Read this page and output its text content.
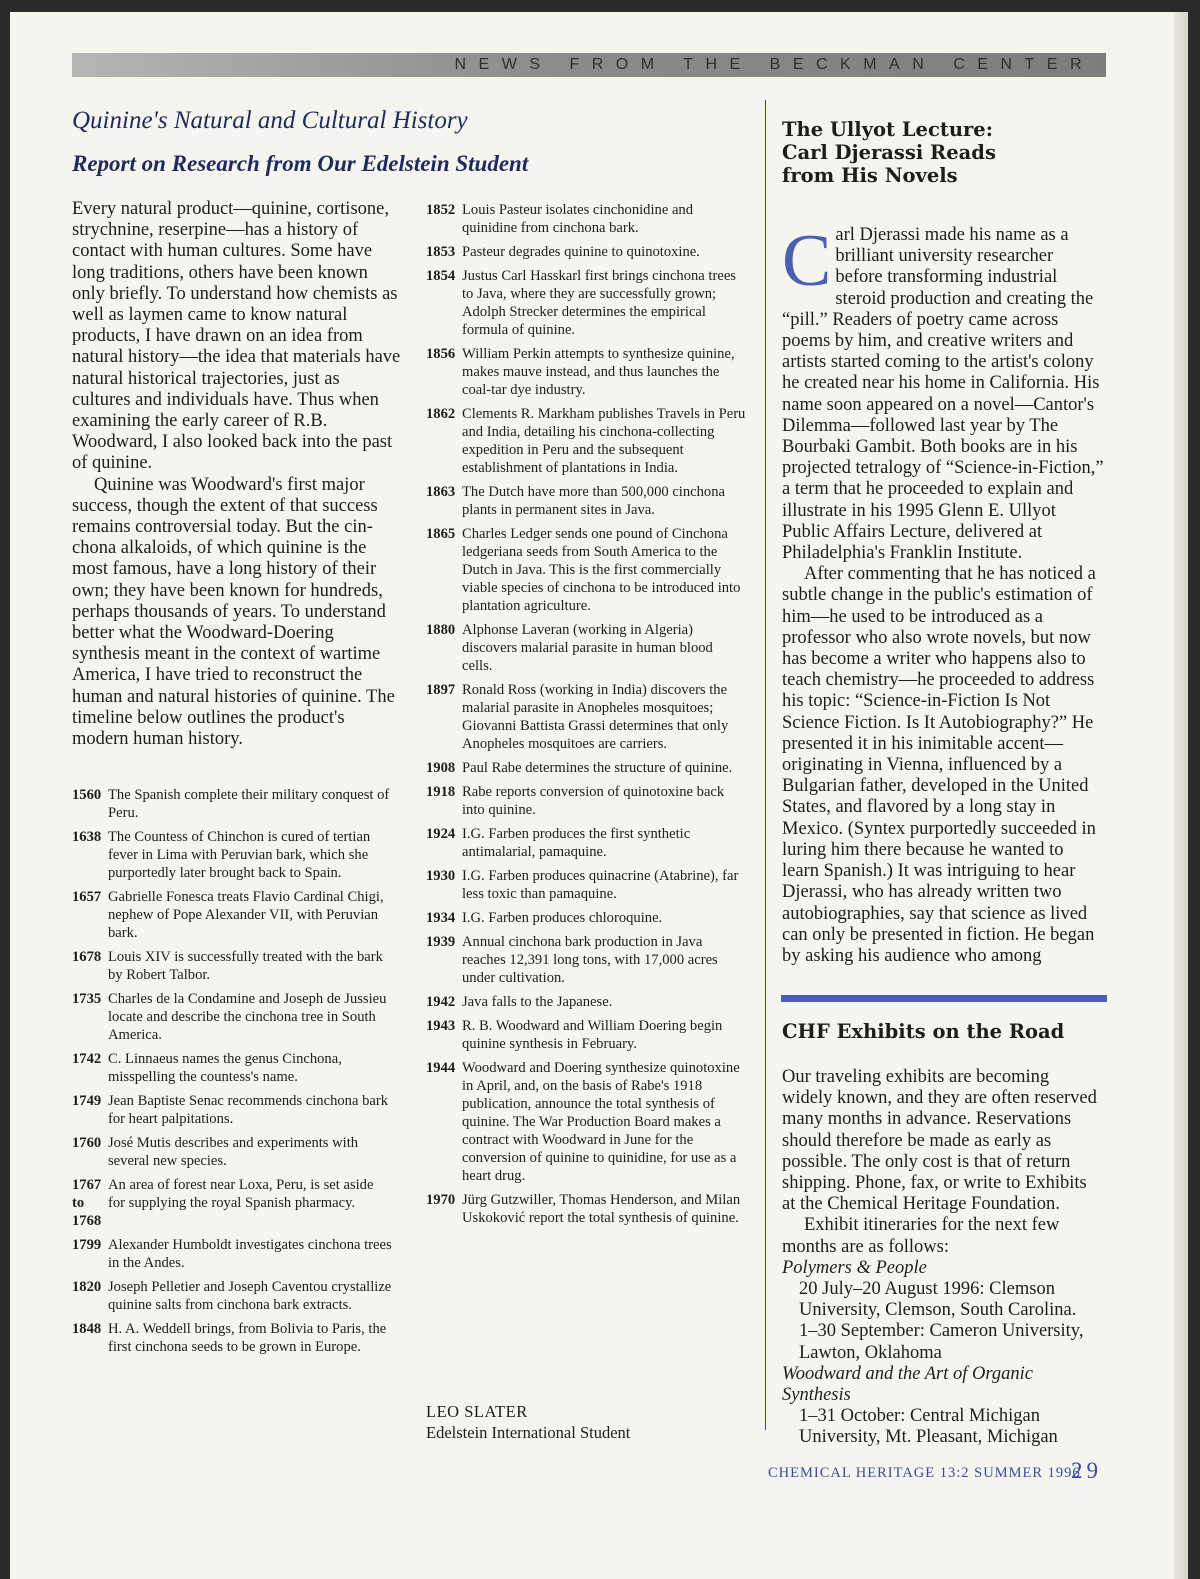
NEWS FROM THE BECKMAN CENTER
Quinine's Natural and Cultural History
Report on Research from Our Edelstein Student

Every natural product—quinine, cortisone, strychnine, reserpine—has a history of contact with human cultures. Some have long traditions, others have been known only briefly. To understand how chemists as well as laymen came to know natural products, I have drawn on an idea from natural history—the idea that materials have natural historical trajectories, just as cultures and individuals have. Thus when examining the early career of R.B. Woodward, I also looked back into the past of quinine.

Quinine was Woodward's first major success, though the extent of that success remains controversial today. But the cinchona alkaloids, of which quinine is the most famous, have a long history of their own; they have been known for hundreds, perhaps thousands of years. To understand better what the Woodward-Doering synthesis meant in the context of wartime America, I have tried to reconstruct the human and natural histories of quinine. The timeline below outlines the product's modern human history.

1560 The Spanish complete their military conquest of Peru.
1638 The Countess of Chinchon is cured of tertian fever in Lima with Peruvian bark, which she purportedly later brought back to Spain.
1657 Gabrielle Fonesca treats Flavio Cardinal Chigi, nephew of Pope Alexander VII, with Peruvian bark.
1678 Louis XIV is successfully treated with the bark by Robert Talbor.
1735 Charles de la Condamine and Joseph de Jussieu locate and describe the cinchona tree in South America.
1742 C. Linnaeus names the genus Cinchona, misspelling the countess's name.
1749 Jean Baptiste Senac recommends cinchona bark for heart palpitations.
1760 José Mutis describes and experiments with several new species.
1767 to 1768
An area of forest near Loxa, Peru, is set aside for supplying the royal Spanish pharmacy.
1799 Alexander Humboldt investigates cinchona trees in the Andes.
1820 Joseph Pelletier and Joseph Caventou crystallize quinine salts from cinchona bark extracts.
1848 H. A. Weddell brings, from Bolivia to Paris, the first cinchona seeds to be grown in Europe.
1852 Louis Pasteur isolates cinchonidine and quinidine from cinchona bark.
1853 Pasteur degrades quinine to quinotoxine.
1854 Justus Carl Hasskarl first brings cinchona trees to Java, where they are successfully grown; Adolph Strecker determines the empirical formula of quinine.
1856 William Perkin attempts to synthesize quinine, makes mauve instead, and thus launches the coal-tar dye industry.
1862 Clements R. Markham publishes Travels in Peru and India, detailing his cinchona-collecting expedition in Peru and the subsequent establishment of plantations in India.
1863 The Dutch have more than 500,000 cinchona plants in permanent sites in Java.
1865 Charles Ledger sends one pound of Cinchona ledgeriana seeds from South America to the Dutch in Java. This is the first commercially viable species of cinchona to be introduced into plantation agriculture.
1880 Alphonse Laveran (working in Algeria) discovers malarial parasite in human blood cells.
1897 Ronald Ross (working in India) discovers the malarial parasite in Anopheles mosquitoes; Giovanni Battista Grassi determines that only Anopheles mosquitoes are carriers.
1908 Paul Rabe determines the structure of quinine.
1918 Rabe reports conversion of quinotoxine back into quinine.
1924 I.G. Farben produces the first synthetic antimalarial, pamaquine.
1930 I.G. Farben produces quinacrine (Atabrine), far less toxic than pamaquine.
1934 I.G. Farben produces chloroquine.
1939 Annual cinchona bark production in Java reaches 12,391 long tons, with 17,000 acres under cultivation.
1942 Java falls to the Japanese.
1943 R. B. Woodward and William Doering begin quinine synthesis in February.
1944 Woodward and Doering synthesize quinotoxine in April, and, on the basis of Rabe's 1918 publication, announce the total synthesis of quinine. The War Production Board makes a contract with Woodward in June for the conversion of quinine to quinidine, for use as a heart drug.
1970 Jürg Gutzwiller, Thomas Henderson, and Milan Uskoković report the total synthesis of quinine.
LEO SLATER
Edelstein International Student
The Ullyot Lecture: Carl Djerassi Reads from His Novels

Carl Djerassi made his name as a brilliant university researcher before transforming industrial steroid production and creating the “pill.” Readers of poetry came across poems by him, and creative writers and artists started coming to the artist's colony he created near his home in California. His name soon appeared on a novel—Cantor's Dilemma—followed last year by The Bourbaki Gambit. Both books are in his projected tetralogy of “Science-in-Fiction,” a term that he proceeded to explain and illustrate in his 1995 Glenn E. Ullyot Public Affairs Lecture, delivered at Philadelphia's Franklin Institute.

After commenting that he has noticed a subtle change in the public's estimation of him—he used to be introduced as a professor who also wrote novels, but now has become a writer who happens also to teach chemistry—he proceeded to address his topic: “Science-in-Fiction Is Not Science Fiction. Is It Autobiography?” He presented it in his inimitable accent—originating in Vienna, influenced by a Bulgarian father, developed in the United States, and flavored by a long stay in Mexico. (Syntex purportedly succeeded in luring him there because he wanted to learn Spanish.) It was intriguing to hear Djerassi, who has already written two autobiographies, say that science as lived can only be presented in fiction. He began by asking his audience who among

CHF Exhibits on the Road

Our traveling exhibits are becoming widely known, and they are often reserved many months in advance. Reservations should therefore be made as early as possible. The only cost is that of return shipping. Phone, fax, or write to Exhibits at the Chemical Heritage Foundation.

Exhibit itineraries for the next few months are as follows:

Polymers & People

20 July–20 August 1996: Clemson University, Clemson, South Carolina.

1–30 September: Cameron University, Lawton, Oklahoma

Woodward and the Art of Organic Synthesis

1–31 October: Central Michigan University, Mt. Pleasant, Michigan

CHEMICAL HERITAGE 13:2 SUMMER 1996
29
